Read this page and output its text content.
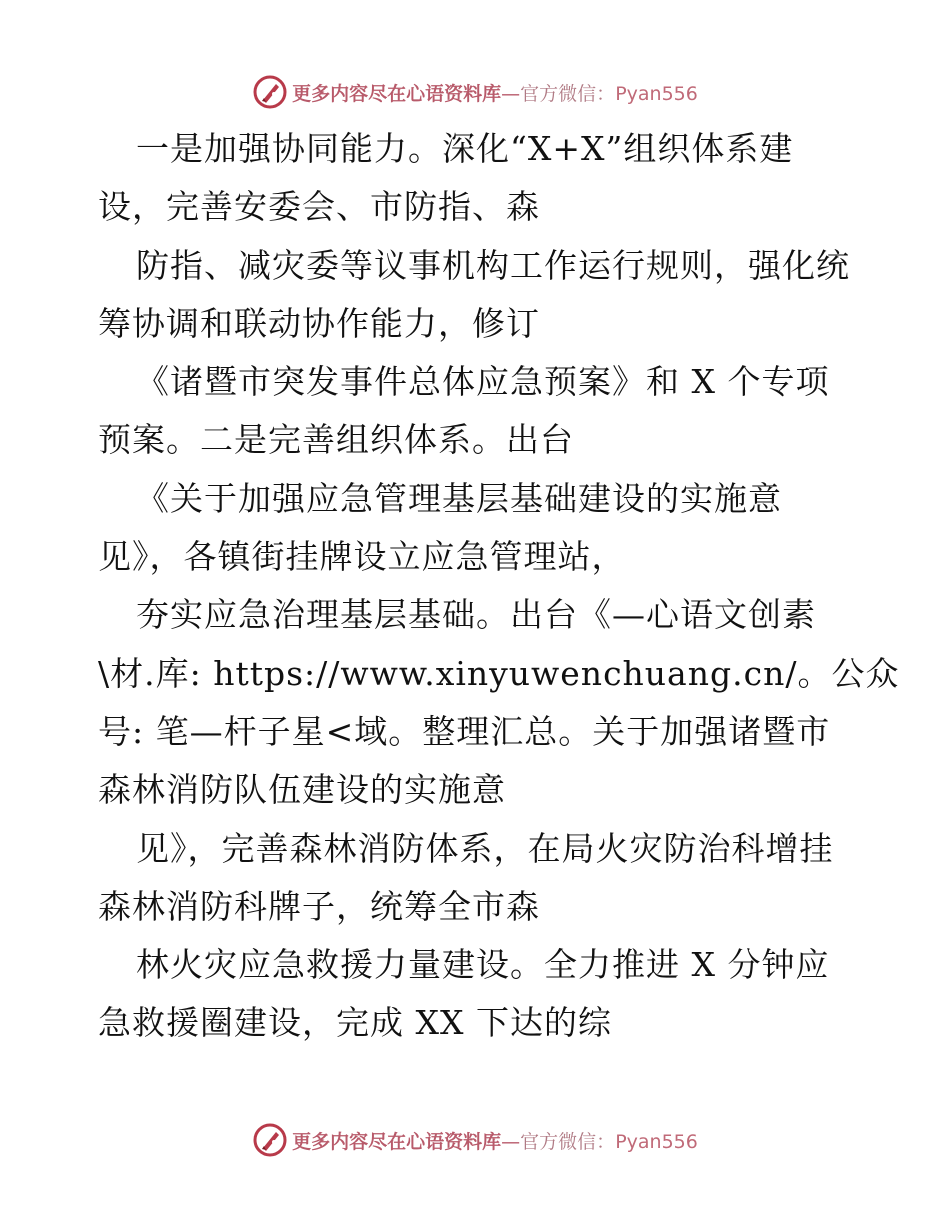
更多内容尽在心语资料库—官方微信：Pyan556
一是加强协同能力。深化“X+X”组织体系建
设，完善安委会、市防指、森
防指、减灾委等议事机构工作运行规则，强化统
筹协调和联动协作能力，修订
《诸暨市突发事件总体应急预案》和 X 个专项
预案。二是完善组织体系。出台
《关于加强应急管理基层基础建设的实施意
见》，各镇街挂牌设立应急管理站，
夯实应急治理基层基础。出台《—心语文创素
\材.库: https://www.xinyuwenchuang.cn/。公众
号: 笔—杆子星<域。整理汇总。关于加强诸暨市
森林消防队伍建设的实施意
见》，完善森林消防体系，在局火灾防治科增挂
森林消防科牌子，统筹全市森
林火灾应急救援力量建设。全力推进 X 分钟应
急救援圈建设，完成 XX 下达的综
更多内容尽在心语资料库—官方微信：Pyan556
